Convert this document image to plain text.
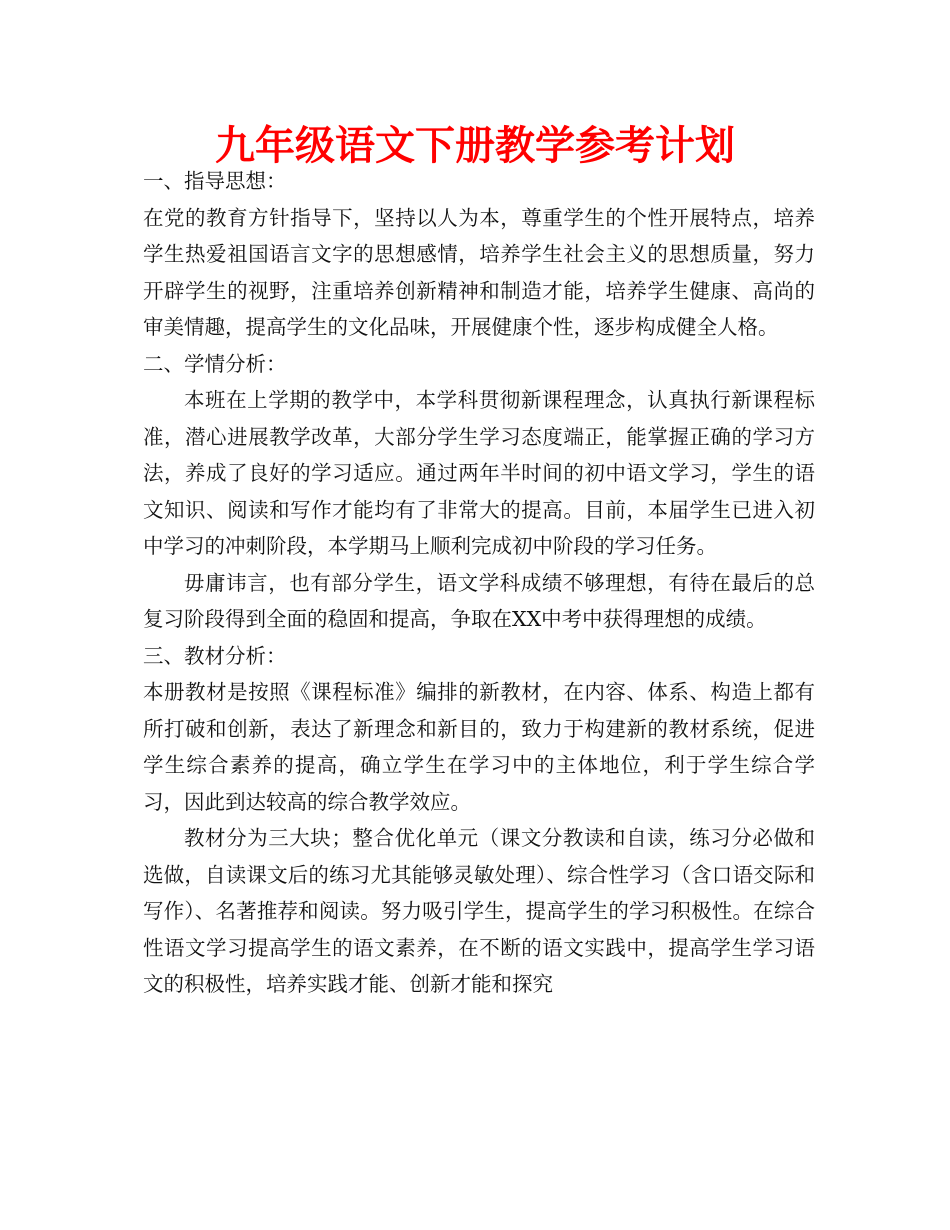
九年级语文下册教学参考计划

一、指导思想：

在党的教育方针指导下，坚持以人为本，尊重学生的个性开展特点，培养学生热爱祖国语言文字的思想感情，培养学生社会主义的思想质量，努力开辟学生的视野，注重培养创新精神和制造才能，培养学生健康、高尚的审美情趣，提高学生的文化品味，开展健康个性，逐步构成健全人格。

二、学情分析：

本班在上学期的教学中，本学科贯彻新课程理念，认真执行新课程标准，潜心进展教学改革，大部分学生学习态度端正，能掌握正确的学习方法，养成了良好的学习适应。通过两年半时间的初中语文学习，学生的语文知识、阅读和写作才能均有了非常大的提高。目前，本届学生已进入初中学习的冲刺阶段，本学期马上顺利完成初中阶段的学习任务。

毋庸讳言，也有部分学生，语文学科成绩不够理想，有待在最后的总复习阶段得到全面的稳固和提高，争取在XX中考中获得理想的成绩。

三、教材分析：

本册教材是按照《课程标准》编排的新教材，在内容、体系、构造上都有所打破和创新，表达了新理念和新目的，致力于构建新的教材系统，促进学生综合素养的提高，确立学生在学习中的主体地位，利于学生综合学习，因此到达较高的综合教学效应。

教材分为三大块；整合优化单元（课文分教读和自读，练习分必做和选做，自读课文后的练习尤其能够灵敏处理）、综合性学习（含口语交际和写作）、名著推荐和阅读。努力吸引学生，提高学生的学习积极性。在综合性语文学习提高学生的语文素养，在不断的语文实践中，提高学生学习语文的积极性，培养实践才能、创新才能和探究
